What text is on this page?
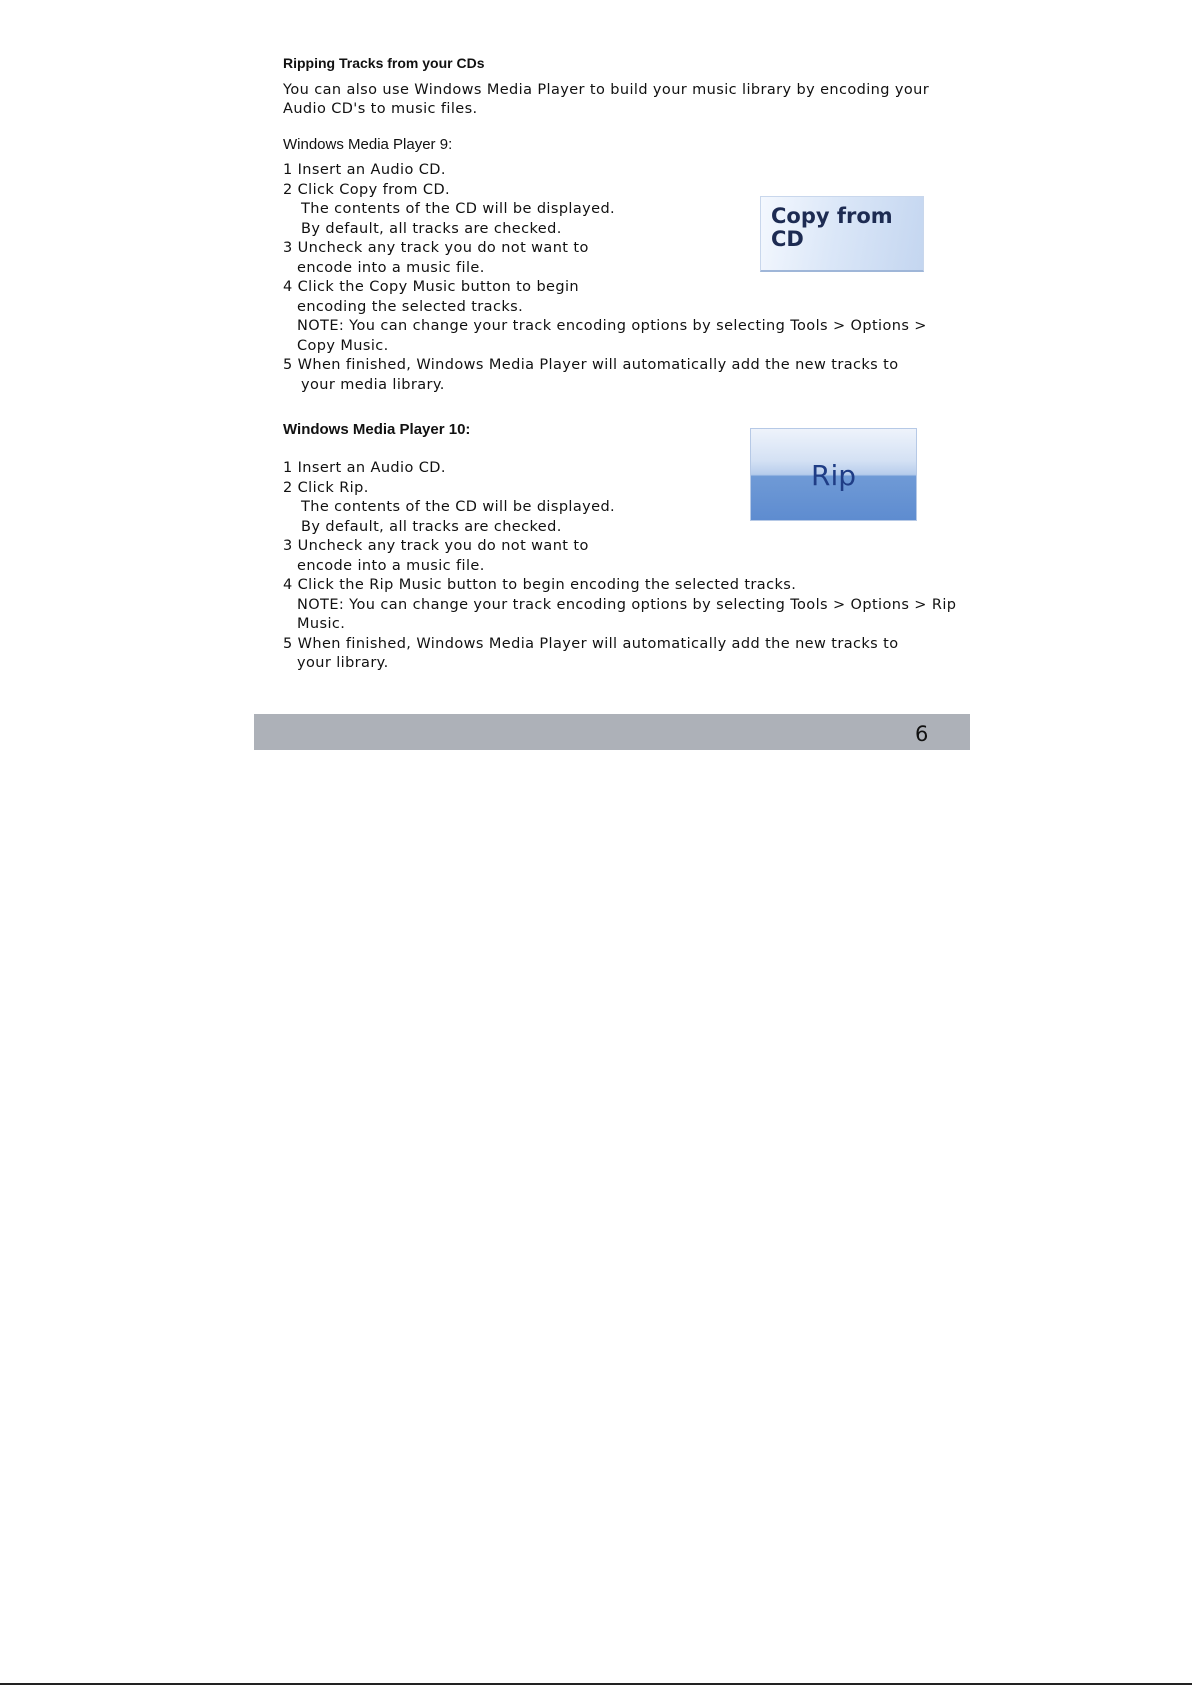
Ripping Tracks from your CDs

You can also use Windows Media Player to build your music library by encoding your

Audio CD's to music files.

Windows Media Player 9:

1 Insert an Audio CD.

2 Click Copy from CD.

The contents of the CD will be displayed.

By default, all tracks are checked.

3 Uncheck any track you do not want to

encode into a music file.

4 Click the Copy Music button to begin

encoding the selected tracks.

NOTE: You can change your track encoding options by selecting Tools > Options >

Copy Music.

5 When finished, Windows Media Player will automatically add the new tracks to

your media library.

Windows Media Player 10:

1 Insert an Audio CD.

2 Click Rip.

The contents of the CD will be displayed.

By default, all tracks are checked.

3 Uncheck any track you do not want to

encode into a music file.

4 Click the Rip Music button to begin encoding the selected tracks.

NOTE: You can change your track encoding options by selecting Tools > Options > Rip

Music.

5 When finished, Windows Media Player will automatically add the new tracks to

your library.

Copy from
CD
Rip
6
